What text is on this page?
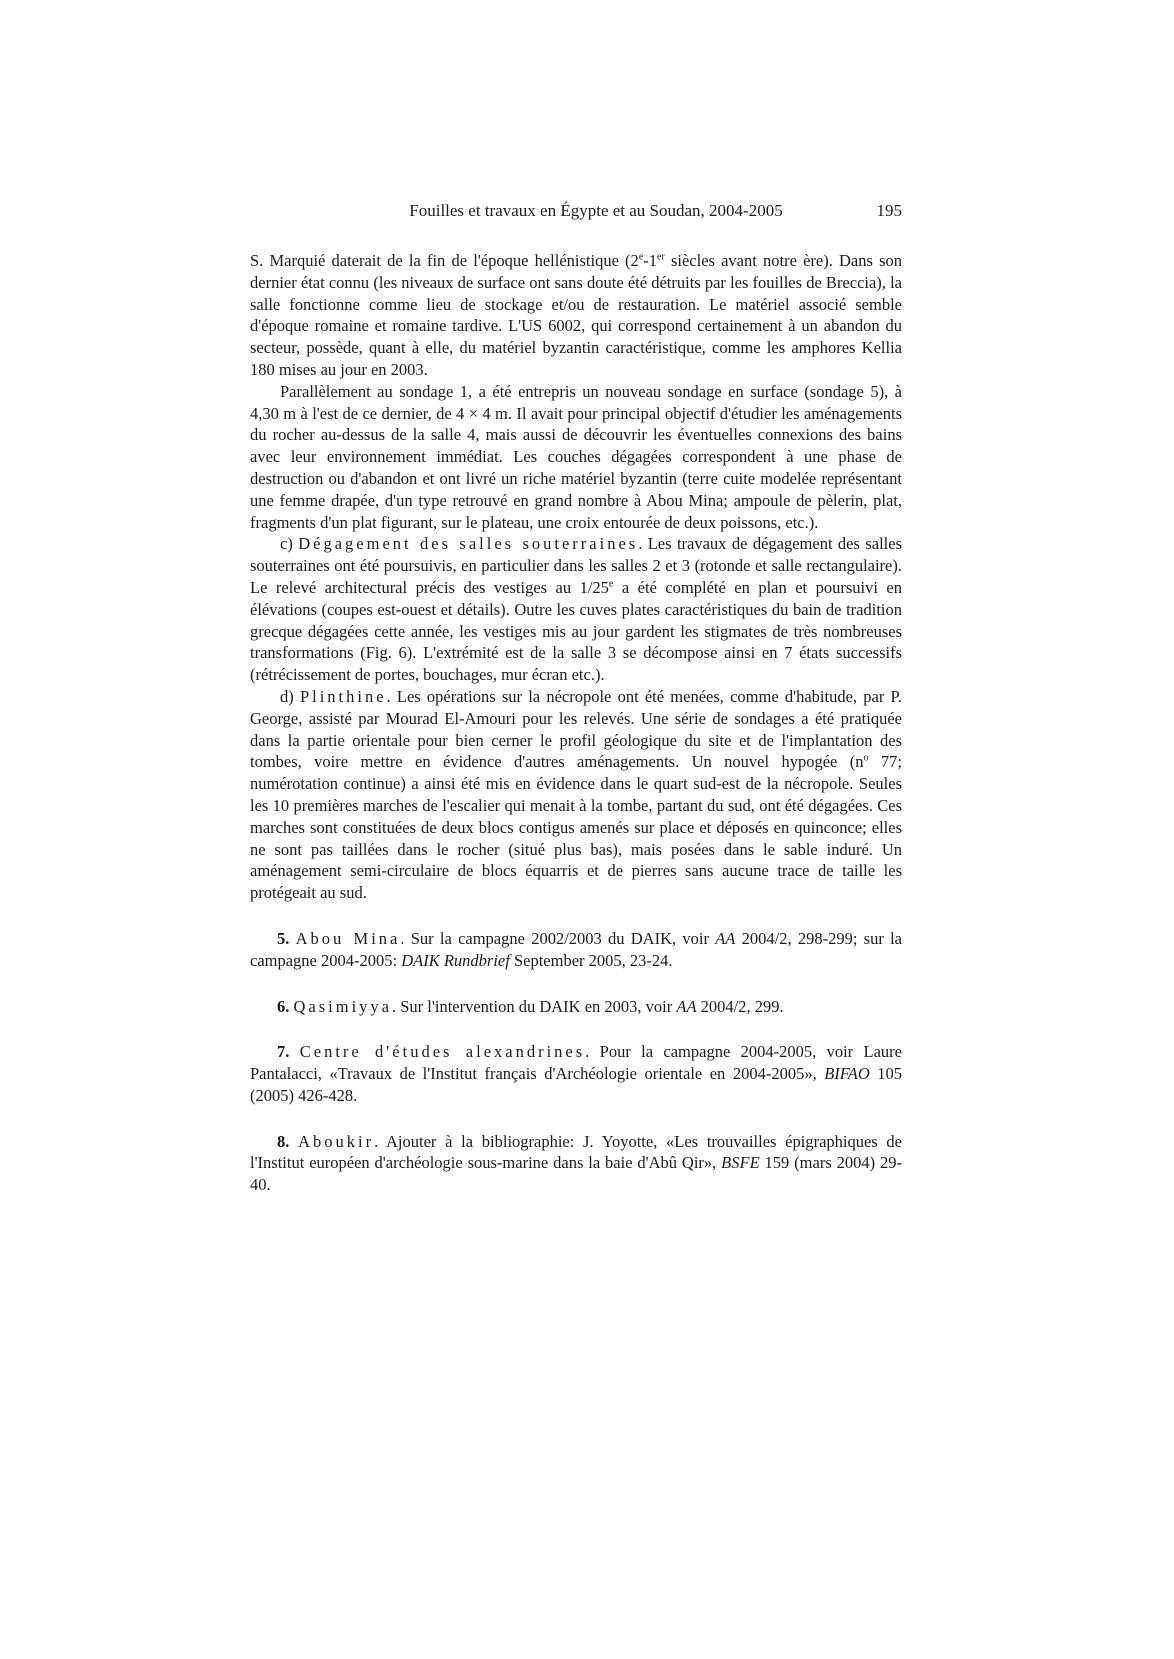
Fouilles et travaux en Égypte et au Soudan, 2004-2005	195

S. Marquié daterait de la fin de l'époque hellénistique (2e-1er siècles avant notre ère). Dans son dernier état connu (les niveaux de surface ont sans doute été détruits par les fouilles de Breccia), la salle fonctionne comme lieu de stockage et/ou de restauration. Le matériel associé semble d'époque romaine et romaine tardive. L'US 6002, qui correspond certainement à un abandon du secteur, possède, quant à elle, du matériel byzantin caractéristique, comme les amphores Kellia 180 mises au jour en 2003.

Parallèlement au sondage 1, a été entrepris un nouveau sondage en surface (sondage 5), à 4,30 m à l'est de ce dernier, de 4 × 4 m. Il avait pour principal objectif d'étudier les aménagements du rocher au-dessus de la salle 4, mais aussi de découvrir les éventuelles connexions des bains avec leur environnement immédiat. Les couches dégagées correspondent à une phase de destruction ou d'abandon et ont livré un riche matériel byzantin (terre cuite modelée représentant une femme drapée, d'un type retrouvé en grand nombre à Abou Mina; ampoule de pèlerin, plat, fragments d'un plat figurant, sur le plateau, une croix entourée de deux poissons, etc.).

c) Dégagement des salles souterraines. Les travaux de dégagement des salles souterraines ont été poursuivis, en particulier dans les salles 2 et 3 (rotonde et salle rectangulaire). Le relevé architectural précis des vestiges au 1/25e a été complété en plan et poursuivi en élévations (coupes est-ouest et détails). Outre les cuves plates caractéristiques du bain de tradition grecque dégagées cette année, les vestiges mis au jour gardent les stigmates de très nombreuses transformations (Fig. 6). L'extrémité est de la salle 3 se décompose ainsi en 7 états successifs (rétrécissement de portes, bouchages, mur écran etc.).

d) Plinthine. Les opérations sur la nécropole ont été menées, comme d'habitude, par P. George, assisté par Mourad El-Amouri pour les relevés. Une série de sondages a été pratiquée dans la partie orientale pour bien cerner le profil géologique du site et de l'implantation des tombes, voire mettre en évidence d'autres aménagements. Un nouvel hypogée ($n^o$ 77; numérotation continue) a ainsi été mis en évidence dans le quart sud-est de la nécropole. Seules les 10 premières marches de l'escalier qui menait à la tombe, partant du sud, ont été dégagées. Ces marches sont constituées de deux blocs contigus amenés sur place et déposés en quinconce; elles ne sont pas taillées dans le rocher (situé plus bas), mais posées dans le sable induré. Un aménagement semi-circulaire de blocs équarris et de pierres sans aucune trace de taille les protégeait au sud.

5. Abou Mina. Sur la campagne 2002/2003 du DAIK, voir AA 2004/2, 298-299; sur la campagne 2004-2005: DAIK Rundbrief September 2005, 23-24.

6. Qasimiyya. Sur l'intervention du DAIK en 2003, voir AA 2004/2, 299.

7. Centre d'études alexandrines. Pour la campagne 2004-2005, voir Laure Pantalacci, «Travaux de l'Institut français d'Archéologie orientale en 2004-2005», BIFAO 105 (2005) 426-428.

8. Aboukir. Ajouter à la bibliographie: J. Yoyotte, «Les trouvailles épigraphiques de l'Institut européen d'archéologie sous-marine dans la baie d'Abû Qir», BSFE 159 (mars 2004) 29-40.
